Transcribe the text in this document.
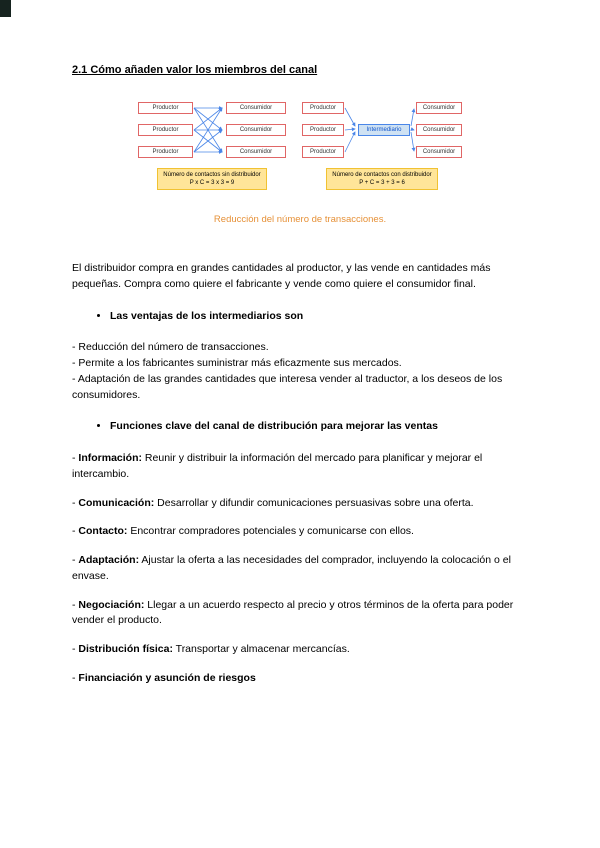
2.1 Cómo añaden valor los miembros del canal
Productor
Productor
Productor
Consumidor
Consumidor
Consumidor
Número de contactos sin distribuidor
P x C = 3 x 3 = 9
Productor
Productor
Productor
Intermediario
Consumidor
Consumidor
Consumidor
Número de contactos con distribuidor
P + C = 3 + 3 = 6

Reducción del número de transacciones.

El distribuidor compra en grandes cantidades al productor, y las vende en cantidades más pequeñas. Compra como quiere el fabricante y vende como quiere el consumidor final.

• Las ventajas de los intermediarios son

- Reducción del número de transacciones.

- Permite a los fabricantes suministrar más eficazmente sus mercados.

- Adaptación de las grandes cantidades que interesa vender al traductor, a los deseos de los consumidores.

• Funciones clave del canal de distribución para mejorar las ventas

- Información: Reunir y distribuir la información del mercado para planificar y mejorar el intercambio.

- Comunicación: Desarrollar y difundir comunicaciones persuasivas sobre una oferta.

- Contacto: Encontrar compradores potenciales y comunicarse con ellos.

- Adaptación: Ajustar la oferta a las necesidades del comprador, incluyendo la colocación o el envase.

- Negociación: Llegar a un acuerdo respecto al precio y otros términos de la oferta para poder vender el producto.

- Distribución física: Transportar y almacenar mercancías.

- Financiación y asunción de riesgos
